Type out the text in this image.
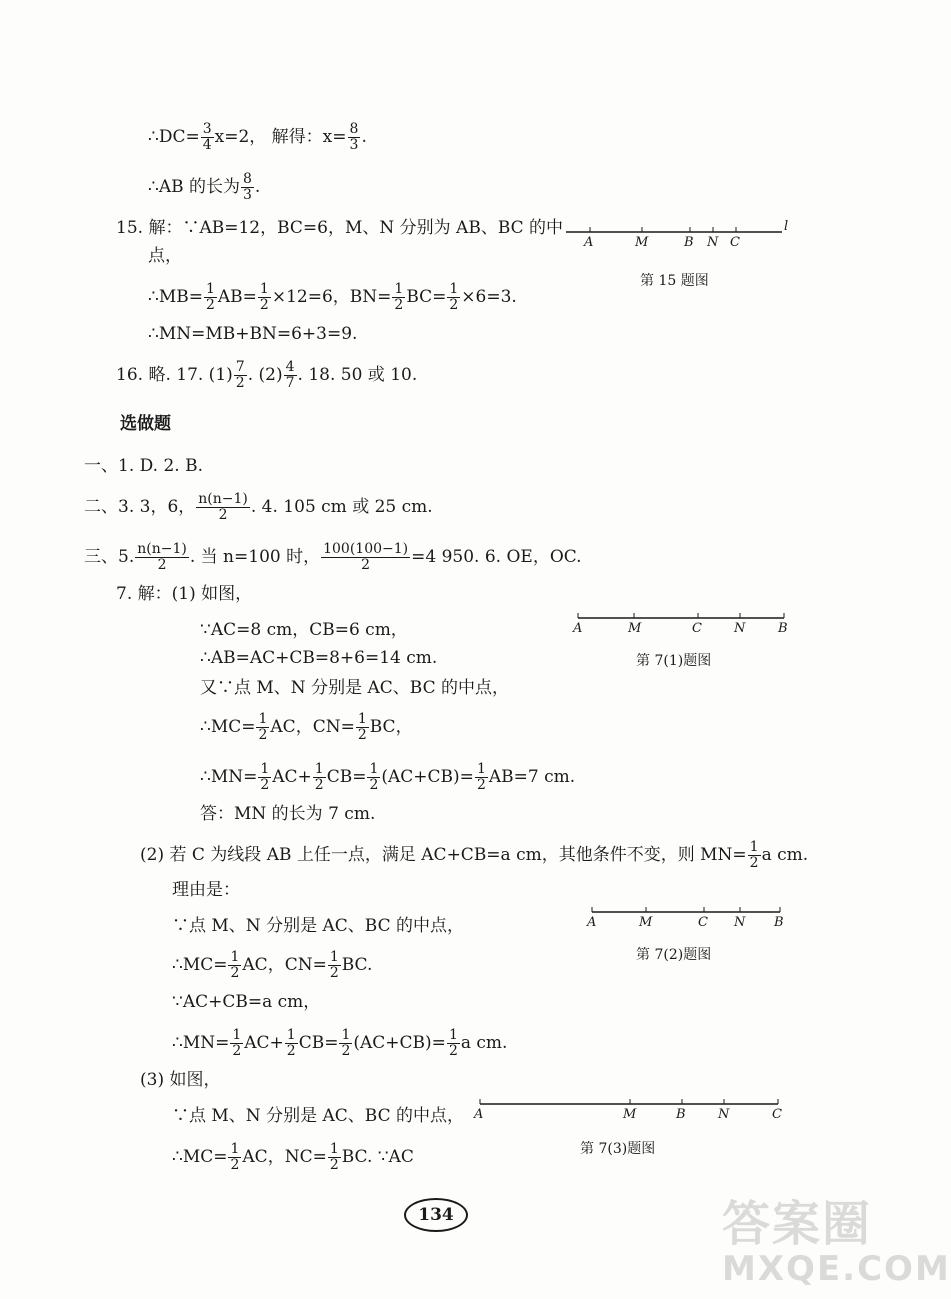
∴DC= $\frac{3}{4} x=2$， 解得：$x= \frac{8}{3}$ .
∴AB 的长为 $\frac{8}{3}$ .
15. 解：∵AB=12，BC=6，M、N 分别为 AB、BC 的中
点，
∴MB= $\frac{1}{2} AB= \frac{1}{2} \times 12=6$，$BN= \frac{1}{2} BC= \frac{1}{2} \times 6=3$.
∴MN=MB+BN=6+3=9.
A	M	B N C
l
第 15 题图
16. 略. 17. $(1) \frac{7}{2}$ . $(2) \frac{4}{7}$ . 18. 50 或 10.
选做题
一、1. D. 2. B.
二、3. 3，6， $\frac{n(n-1)}{2}$ . 4. 105 cm 或 25 cm.
三、5. $\frac{n(n-1)}{2}$ . 当 n=100 时， $\frac{100(100-1)}{2} =4$ 950. 6. OE，OC.
7. 解：(1) 如图，
∵AC=8 cm，CB=6 cm，
∴AB=AC+CB=8+6=14 cm.
又∵点 M、N 分别是 AC、BC 的中点，
∴MC= $\frac{1}{2}$ AC，$CN= \frac{1}{2}$ BC，
∴MN= $\frac{1}{2} AC+ \frac{1}{2} CB= \frac{1}{2} (AC+CB)= \frac{1}{2} AB=7$ cm.
答：MN 的长为 7 cm.
A	M	C N	B
第 7(1)题图
(2) 若 C 为线段 AB 上任一点，满足 AC+CB=a cm，其他条件不变，则 $MN= \frac{1}{2}$ a cm.
理由是：
∵点 M、N 分别是 AC、BC 的中点，
∴MC= $\frac{1}{2}$ AC，$CN= \frac{1}{2}$ BC.
∵AC+CB=a cm，
∴MN= $\frac{1}{2} AC+ \frac{1}{2} CB= \frac{1}{2} (AC+CB)= \frac{1}{2}$ a cm.
A	M	C N B
第 7(2)题图
(3) 如图，
∵点 M、N 分别是 AC、BC 的中点，
∴MC= $\frac{1}{2}$ AC，$NC= \frac{1}{2}$ BC. ∵AC
A	M	B N	C
第 7(3)题图
134	答案圈
MXQE.COM
